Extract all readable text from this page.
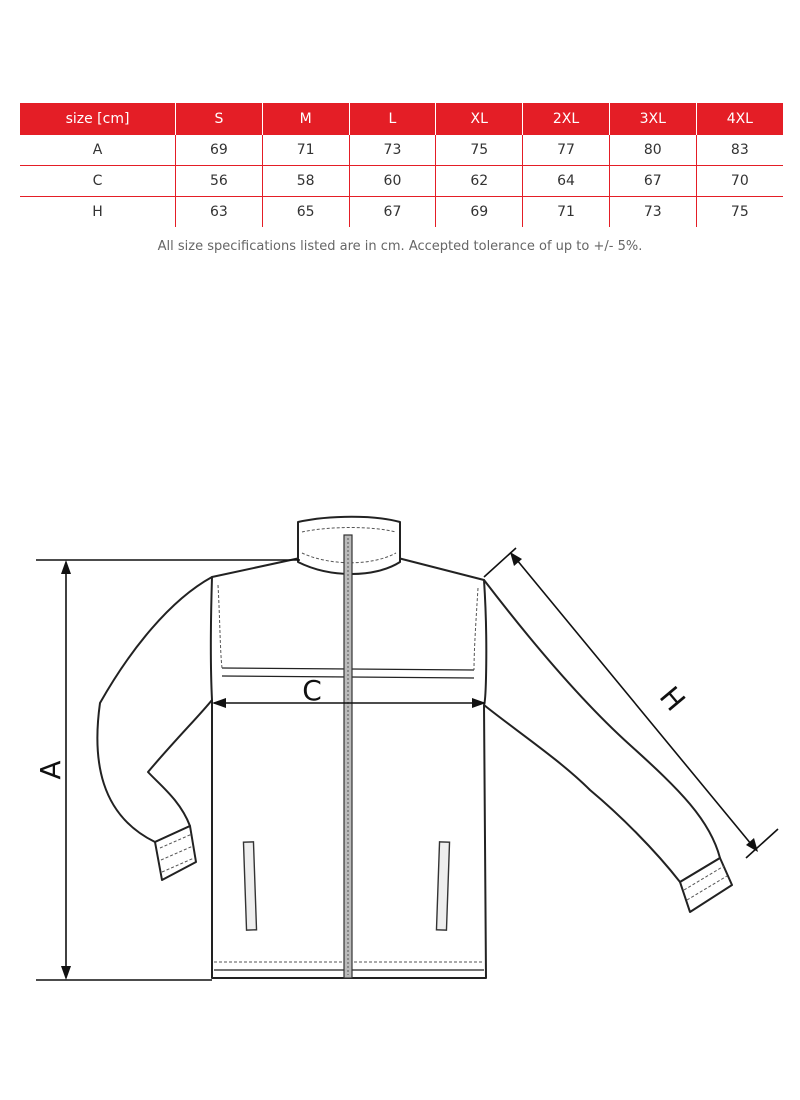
size [cm]	S	M	L	XL	2XL	3XL	4XL
A	69	71	73	75	77	80	83
C	56	58	60	62	64	67	70
H	63	65	67	69	71	73	75
All size specifications listed are in cm. Accepted tolerance of up to +/- 5%.
A
C	H
